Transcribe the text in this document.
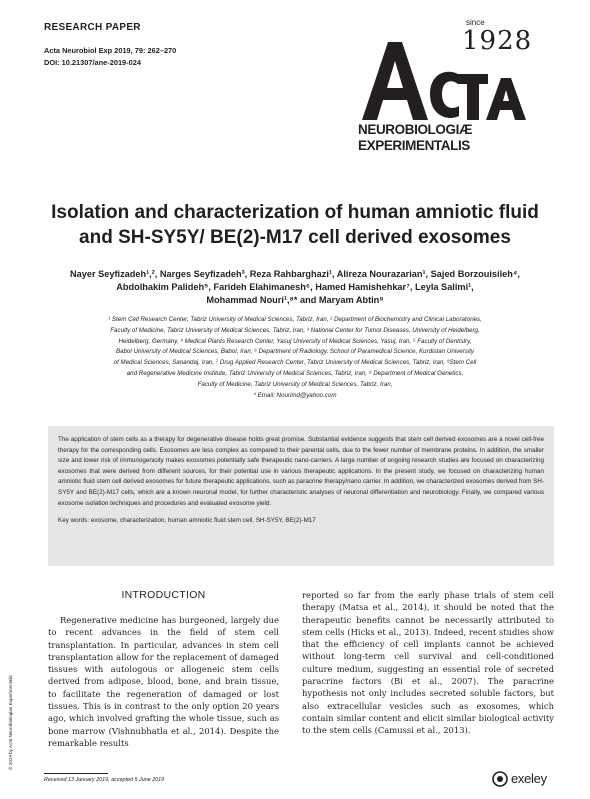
RESEARCH PAPER
Acta Neurobiol Exp 2019, 79: 262–270
DOI: 10.21307/ane-2019-024
since
1928
NEUROBIOLOGIÆ
EXPERIMENTALIS
Isolation and characterization of human amniotic fluid and SH-SY5Y/ BE(2)-M17 cell derived exosomes
Nayer Seyfizadeh¹,², Narges Seyfizadeh³, Reza Rahbarghazi¹, Alireza Nourazarian¹, Sajed Borzouisileh⁴,
Abdolhakim Palideh⁵, Farideh Elahimanesh⁶, Hamed Hamishehkar⁷, Leyla Salimi¹,
Mohammad Nouri¹,⁸* and Maryam Abtin⁹
¹ Stem Cell Research Center, Tabriz University of Medical Sciences, Tabriz, Iran, ² Department of Biochemistry and Clinical Laboratories,
Faculty of Medicine, Tabriz University of Medical Sciences, Tabriz, Iran, ³ National Center for Tumor Diseases, University of Heidelberg,
Heidelberg, Germany, ⁴ Medical Plants Research Center, Yasuj University of Medical Sciences, Yasuj, Iran, ⁵ Faculty of Dentistry,
Babol University of Medical Sciences, Babol, Iran, ⁶ Department of Radiology, School of Paramedical Science, Kurdistan University
of Medical Sciences, Sanandaj, Iran, ⁷ Drug Applied Research Center, Tabriz University of Medical Sciences, Tabriz, Iran, ⁸Stem Cell
and Regenerative Medicine Institute, Tabriz University of Medical Sciences, Tabriz, Iran, ⁹ Department of Medical Genetics,
Faculty of Medicine, Tabriz University of Medical Sciences, Tabriz, Iran,
* Email: Nourimd@yahoo.com
The application of stem cells as a therapy for degenerative disease holds great promise. Substantial evidence suggests that stem cell derived exosomes are a novel cell-free therapy for the corresponding cells. Exosomes are less complex as compared to their parental cells, due to the fewer number of membrane proteins. In addition, the smaller size and lower risk of immunogenicity makes exosomes potentially safe therapeutic nano-carriers. A large number of ongoing research studies are focused on characterizing exosomes that were derived from different sources, for their potential use in various therapeutic applications. In the present study, we focused on characterizing human amniotic fluid stem cell derived exosomes for future therapeutic applications, such as paracrine therapy/nano carrier. In addition, we characterized exosomes derived from SH-SY5Y and BE(2)-M17 cells, which are a known neuronal model, for further characteristic analyses of neuronal differentiation and neurobiology. Finally, we compared various exosome isolation techniques and procedures and evaluated exosome yield.
Key words: exosome, characterization, human amniotic fluid stem cell, SH-SY5Y, BE(2)-M17
© 2019 by Acta Neurobiologiae Experimentalis
INTRODUCTION
Regenerative medicine has burgeoned, largely due to recent advances in the field of stem cell transplantation. In particular, advances in stem cell transplantation allow for the replacement of damaged tissues with autologous or allogeneic stem cells derived from adipose, blood, bone, and brain tissue, to facilitate the regeneration of damaged or lost tissues. This is in contrast to the only option 20 years ago, which involved grafting the whole tissue, such as bone marrow (Vishnubhatla et al., 2014). Despite the remarkable results
reported so far from the early phase trials of stem cell therapy (Matsa et al., 2014), it should be noted that the therapeutic benefits cannot be necessarily attributed to stem cells (Hicks et al., 2013). Indeed, recent studies show that the efficiency of cell implants cannot be achieved without long-term cell survival and cell-conditioned culture medium, suggesting an essential role of secreted paracrine factors (Bi et al., 2007). The paracrine hypothesis not only includes secreted soluble factors, but also extracellular vesicles such as exosomes, which contain similar content and elicit similar biological activity to the stem cells (Camussi et al., 2013).
Received 13 January 2019, accepted 5 June 2019	exeley
